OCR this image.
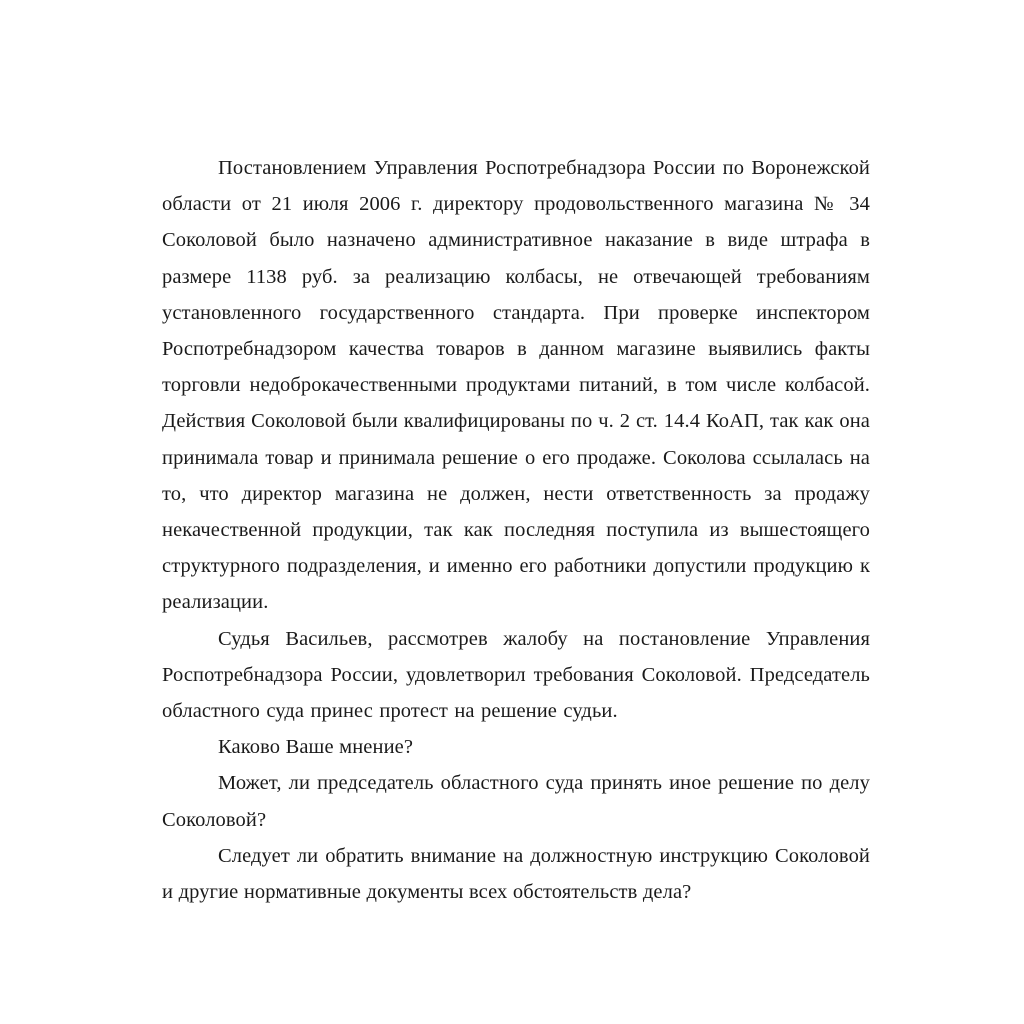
Постановлением Управления Роспотребнадзора России по Воронежской области от 21 июля 2006 г. директору продовольственного магазина № 34 Соколовой было назначено административное наказание в виде штрафа в размере 1138 руб. за реализацию колбасы, не отвечающей требованиям установленного государственного стандарта. При проверке инспектором Роспотребнадзором качества товаров в данном магазине выявились факты торговли недоброкачественными продуктами питаний, в том числе колбасой. Действия Соколовой были квалифицированы по ч. 2 ст. 14.4 КоАП, так как она принимала товар и принимала решение о его продаже. Соколова ссылалась на то, что директор магазина не должен, нести ответственность за продажу некачественной продукции, так как последняя поступила из вышестоящего структурного подразделения, и именно его работники допустили продукцию к реализации.

Судья Васильев, рассмотрев жалобу на постановление Управления Роспотребнадзора России, удовлетворил требования Соколовой. Председатель областного суда принес протест на решение судьи.

Каково Ваше мнение?

Может, ли председатель областного суда принять иное решение по делу Соколовой?

Следует ли обратить внимание на должностную инструкцию Соколовой и другие нормативные документы всех обстоятельств дела?
